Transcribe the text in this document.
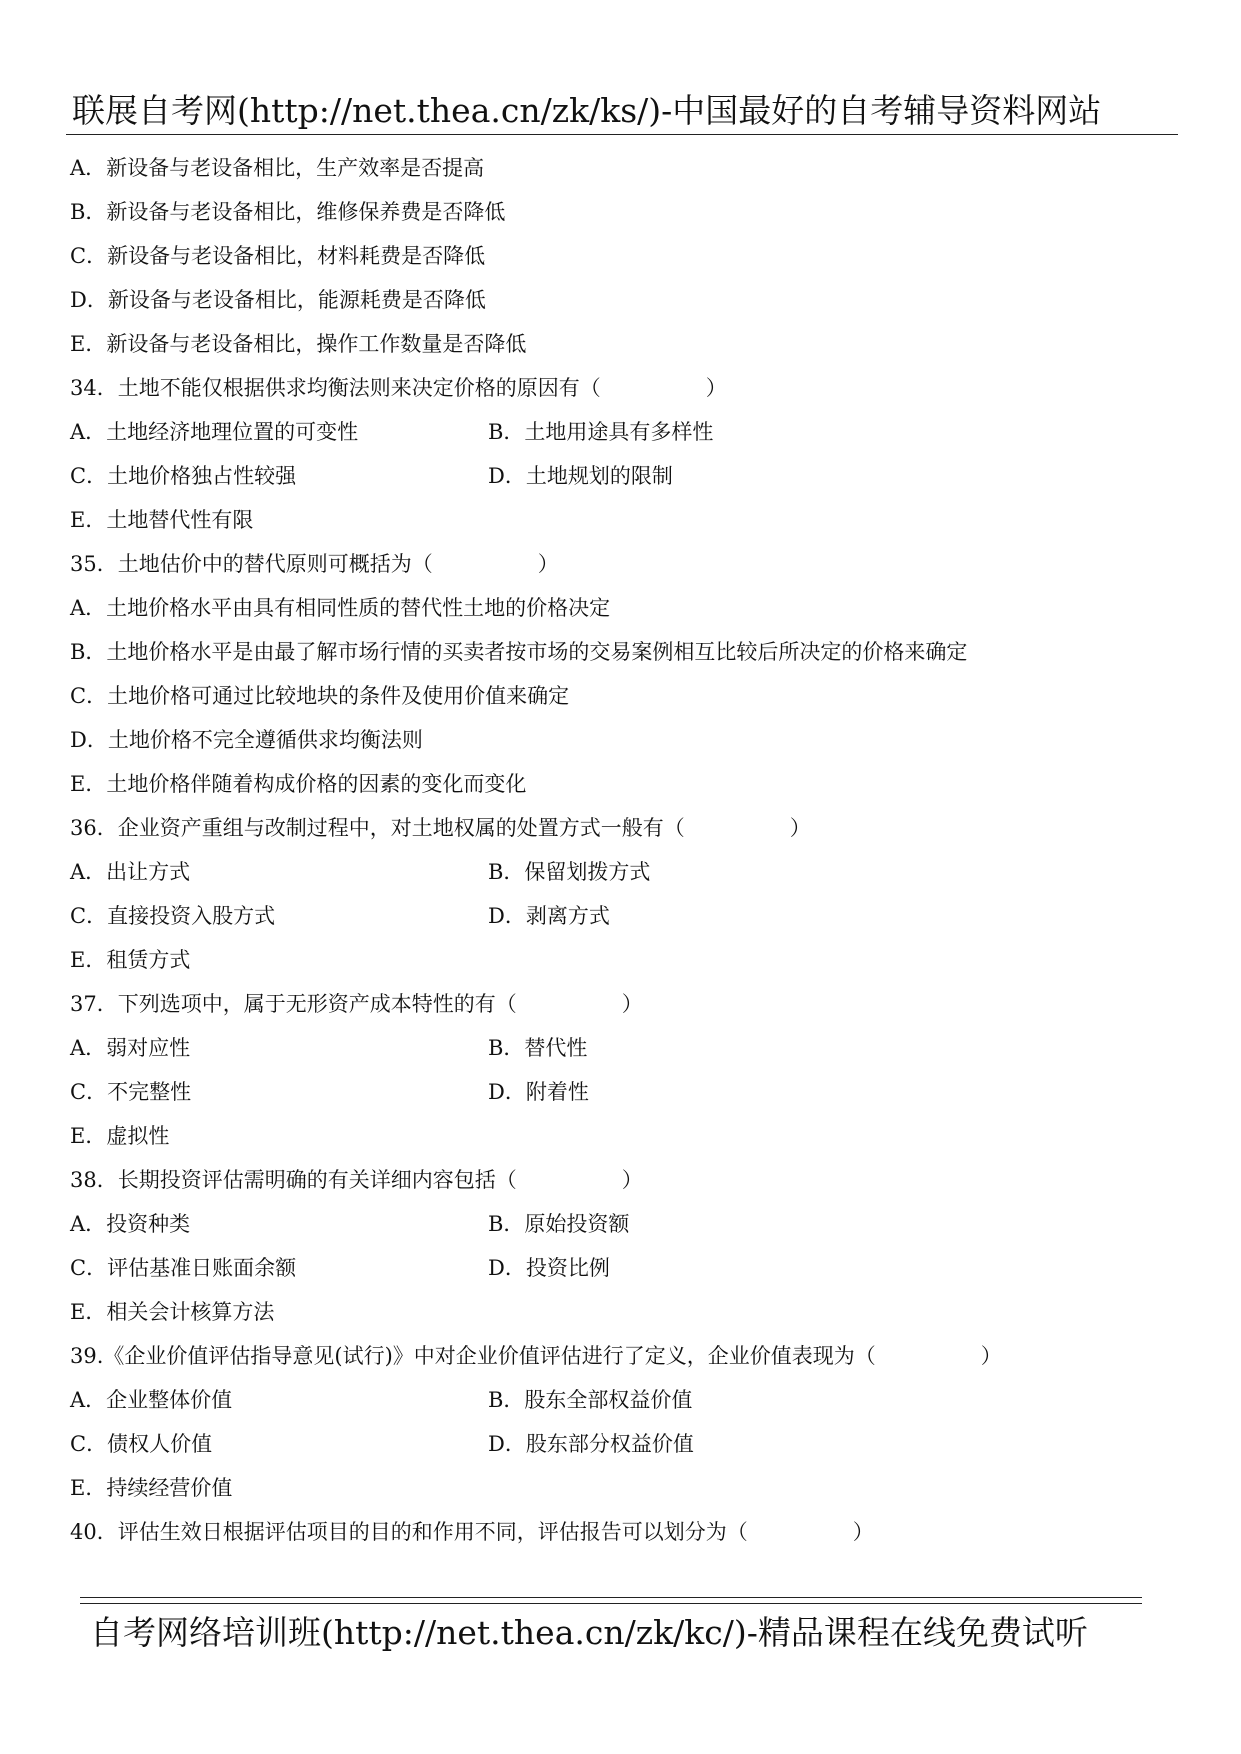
联展自考网(http://net.thea.cn/zk/ks/)-中国最好的自考辅导资料网站
A．新设备与老设备相比，生产效率是否提高
B．新设备与老设备相比，维修保养费是否降低
C．新设备与老设备相比，材料耗费是否降低
D．新设备与老设备相比，能源耗费是否降低
E．新设备与老设备相比，操作工作数量是否降低
34．土地不能仅根据供求均衡法则来决定价格的原因有（　　　　　）
A．土地经济地理位置的可变性	B．土地用途具有多样性
C．土地价格独占性较强	D．土地规划的限制
E．土地替代性有限
35．土地估价中的替代原则可概括为（　　　　　）
A．土地价格水平由具有相同性质的替代性土地的价格决定
B．土地价格水平是由最了解市场行情的买卖者按市场的交易案例相互比较后所决定的价格来确定
C．土地价格可通过比较地块的条件及使用价值来确定
D．土地价格不完全遵循供求均衡法则
E．土地价格伴随着构成价格的因素的变化而变化
36．企业资产重组与改制过程中，对土地权属的处置方式一般有（　　　　　）
A．出让方式	B．保留划拨方式
C．直接投资入股方式	D．剥离方式
E．租赁方式
37．下列选项中，属于无形资产成本特性的有（　　　　　）
A．弱对应性	B．替代性
C．不完整性	D．附着性
E．虚拟性
38．长期投资评估需明确的有关详细内容包括（　　　　　）
A．投资种类	B．原始投资额
C．评估基准日账面余额	D．投资比例
E．相关会计核算方法
39.《企业价值评估指导意见(试行)》中对企业价值评估进行了定义，企业价值表现为（　　　　　）
A．企业整体价值	B．股东全部权益价值
C．债权人价值	D．股东部分权益价值
E．持续经营价值
40．评估生效日根据评估项目的目的和作用不同，评估报告可以划分为（　　　　　）
自考网络培训班(http://net.thea.cn/zk/kc/)-精品课程在线免费试听
